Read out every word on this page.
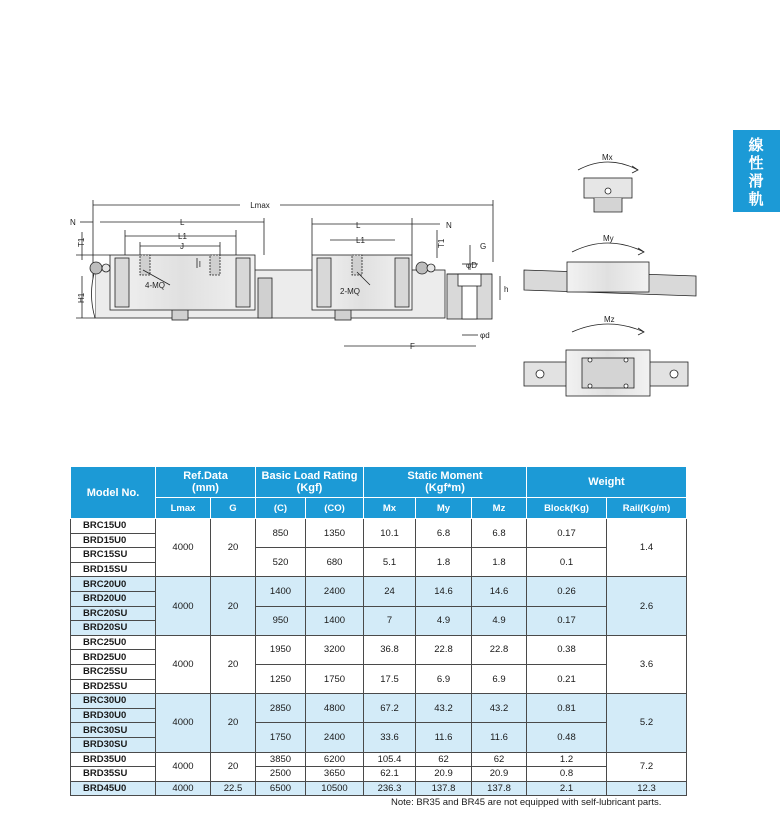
線
性
滑
軌
Lmax
N	L
L1
J
T1
H1
l
4-MQ
L
L1
N
T1
2-MQ
G
φD
h
φd
F
Mx
My
Mz
Model No.	Ref.Data
(mm)		Basic Load Rating
(Kgf)		Static Moment
(Kgf*m)			Weight	
	Lmax	G	(C)	(CO)	Mx	My	Mz	Block(Kg)	Rail(Kg/m)
BRC15U0	4000	20	850	1350	10.1	6.8	6.8	0.17	1.4
BRD15U0									
BRC15SU			520	680	5.1	1.8	1.8	0.1	
BRD15SU									
BRC20U0	4000	20	1400	2400	24	14.6	14.6	0.26	2.6
BRD20U0									
BRC20SU			950	1400	7	4.9	4.9	0.17	
BRD20SU									
BRC25U0	4000	20	1950	3200	36.8	22.8	22.8	0.38	3.6
BRD25U0									
BRC25SU			1250	1750	17.5	6.9	6.9	0.21	
BRD25SU									
BRC30U0	4000	20	2850	4800	67.2	43.2	43.2	0.81	5.2
BRD30U0									
BRC30SU			1750	2400	33.6	11.6	11.6	0.48	
BRD30SU									
BRD35U0	4000	20	3850	6200	105.4	62	62	1.2	7.2
BRD35SU			2500	3650	62.1	20.9	20.9	0.8	
BRD45U0	4000	22.5	6500	10500	236.3	137.8	137.8	2.1	12.3
Note: BR35 and BR45 are not equipped with self-lubricant parts.
